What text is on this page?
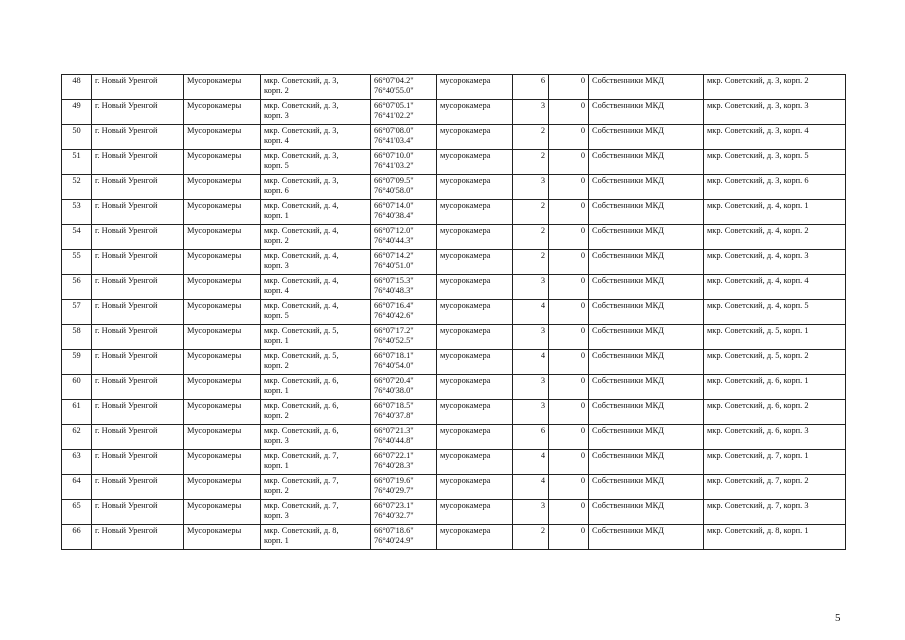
48	г. Новый Уренгой	Мусорокамеры	мкр. Советский, д. 3,
корп. 2	66°07'04.2"
76°40'55.0"	мусорокамера	6	0	Собственники МКД	мкр. Советский, д. 3, корп. 2
49	г. Новый Уренгой	Мусорокамеры	мкр. Советский, д. 3,
корп. 3	66°07'05.1"
76°41'02.2"	мусорокамера	3	0	Собственники МКД	мкр. Советский, д. 3, корп. 3
50	г. Новый Уренгой	Мусорокамеры	мкр. Советский, д. 3,
корп. 4	66°07'08.0"
76°41'03.4"	мусорокамера	2	0	Собственники МКД	мкр. Советский, д. 3, корп. 4
51	г. Новый Уренгой	Мусорокамеры	мкр. Советский, д. 3,
корп. 5	66°07'10.0"
76°41'03.2"	мусорокамера	2	0	Собственники МКД	мкр. Советский, д. 3, корп. 5
52	г. Новый Уренгой	Мусорокамеры	мкр. Советский, д. 3,
корп. 6	66°07'09.5"
76°40'58.0"	мусорокамера	3	0	Собственники МКД	мкр. Советский, д. 3, корп. 6
53	г. Новый Уренгой	Мусорокамеры	мкр. Советский, д. 4,
корп. 1	66°07'14.0"
76°40'38.4"	мусорокамера	2	0	Собственники МКД	мкр. Советский, д. 4, корп. 1
54	г. Новый Уренгой	Мусорокамеры	мкр. Советский, д. 4,
корп. 2	66°07'12.0"
76°40'44.3"	мусорокамера	2	0	Собственники МКД	мкр. Советский, д. 4, корп. 2
55	г. Новый Уренгой	Мусорокамеры	мкр. Советский, д. 4,
корп. 3	66°07'14.2"
76°40'51.0"	мусорокамера	2	0	Собственники МКД	мкр. Советский, д. 4, корп. 3
56	г. Новый Уренгой	Мусорокамеры	мкр. Советский, д. 4,
корп. 4	66°07'15.3"
76°40'48.3"	мусорокамера	3	0	Собственники МКД	мкр. Советский, д. 4, корп. 4
57	г. Новый Уренгой	Мусорокамеры	мкр. Советский, д. 4,
корп. 5	66°07'16.4"
76°40'42.6"	мусорокамера	4	0	Собственники МКД	мкр. Советский, д. 4, корп. 5
58	г. Новый Уренгой	Мусорокамеры	мкр. Советский, д. 5,
корп. 1	66°07'17.2"
76°40'52.5"	мусорокамера	3	0	Собственники МКД	мкр. Советский, д. 5, корп. 1
59	г. Новый Уренгой	Мусорокамеры	мкр. Советский, д. 5,
корп. 2	66°07'18.1"
76°40'54.0"	мусорокамера	4	0	Собственники МКД	мкр. Советский, д. 5, корп. 2
60	г. Новый Уренгой	Мусорокамеры	мкр. Советский, д. 6,
корп. 1	66°07'20.4"
76°40'38.0"	мусорокамера	3	0	Собственники МКД	мкр. Советский, д. 6, корп. 1
61	г. Новый Уренгой	Мусорокамеры	мкр. Советский, д. 6,
корп. 2	66°07'18.5"
76°40'37.8"	мусорокамера	3	0	Собственники МКД	мкр. Советский, д. 6, корп. 2
62	г. Новый Уренгой	Мусорокамеры	мкр. Советский, д. 6,
корп. 3	66°07'21.3"
76°40'44.8"	мусорокамера	6	0	Собственники МКД	мкр. Советский, д. 6, корп. 3
63	г. Новый Уренгой	Мусорокамеры	мкр. Советский, д. 7,
корп. 1	66°07'22.1"
76°40'28.3"	мусорокамера	4	0	Собственники МКД	мкр. Советский, д. 7, корп. 1
64	г. Новый Уренгой	Мусорокамеры	мкр. Советский, д. 7,
корп. 2	66°07'19.6"
76°40'29.7"	мусорокамера	4	0	Собственники МКД	мкр. Советский, д. 7, корп. 2
65	г. Новый Уренгой	Мусорокамеры	мкр. Советский, д. 7,
корп. 3	66°07'23.1"
76°40'32.7"	мусорокамера	3	0	Собственники МКД	мкр. Советский, д. 7, корп. 3
66	г. Новый Уренгой	Мусорокамеры	мкр. Советский, д. 8,
корп. 1	66°07'18.6"
76°40'24.9"	мусорокамера	2	0	Собственники МКД	мкр. Советский, д. 8, корп. 1
5
